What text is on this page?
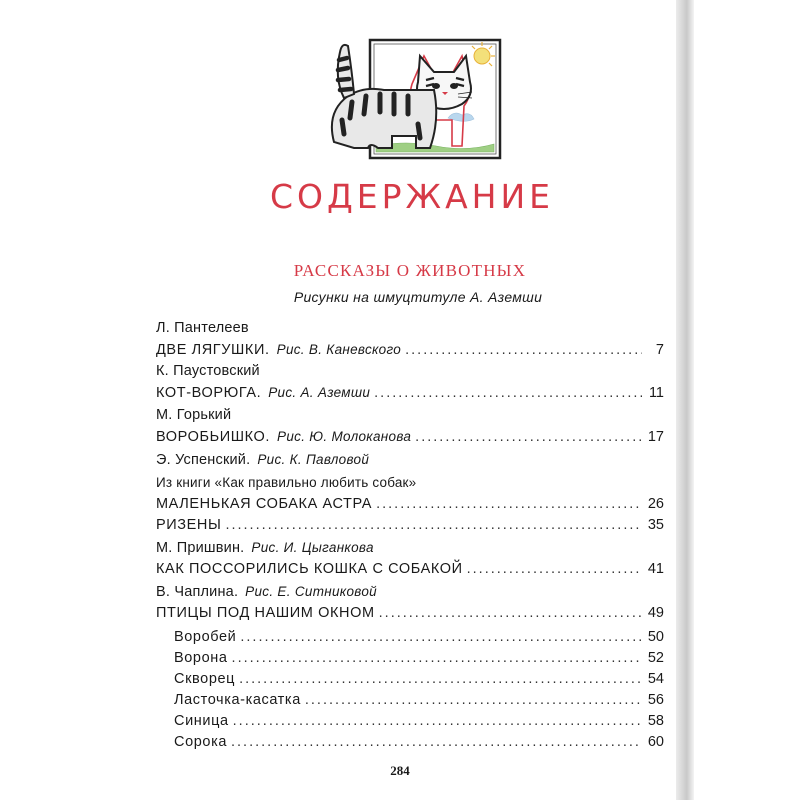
СОДЕРЖАНИЕ
РАССКАЗЫ О ЖИВОТНЫХ
Рисунки на шмуцтитуле А. Аземши
Л. Пантелеев
ДВЕ ЛЯГУШКИ. Рис. В. Каневского .....	7
К. Паустовский
КОТ-ВОРЮГА. Рис. А. Аземши .....	11
М. Горький
ВОРОБЬИШКО. Рис. Ю. Молоканова .....	17
Э. Успенский. Рис. К. Павловой
Из книги «Как правильно любить собак»
МАЛЕНЬКАЯ СОБАКА АСТРА .....	26
РИЗЕНЫ .....	35
М. Пришвин. Рис. И. Цыганкова
КАК ПОССОРИЛИСЬ КОШКА С СОБАКОЙ .....	41
В. Чаплина. Рис. Е. Ситниковой
ПТИЦЫ ПОД НАШИМ ОКНОМ .....	49
Воробей .....	50
Ворона .....	52
Скворец .....	54
Ласточка-касатка .....	56
Синица .....	58
Сорока .....	60
284
